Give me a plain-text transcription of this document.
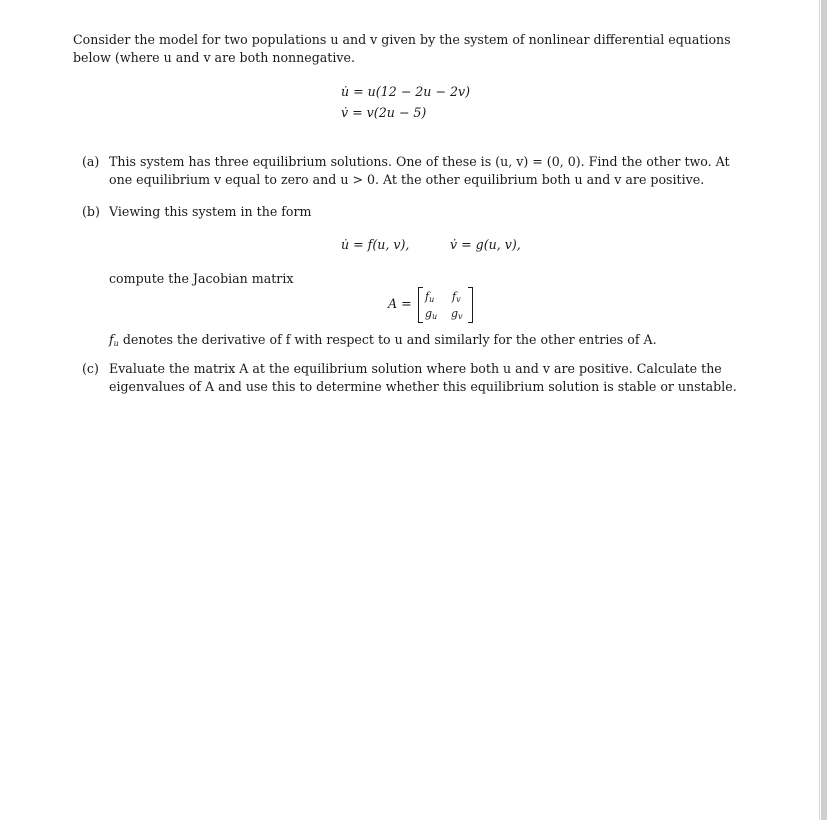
Consider the model for two populations u and v given by the system of nonlinear differential equations
below (where u and v are both nonnegative.
u̇ = u(12 − 2u − 2v)
v̇ = v(2u − 5)
(a) This system has three equilibrium solutions. One of these is (u, v) = (0, 0). Find the other two. At
one equilibrium v equal to zero and u > 0. At the other equilibrium both u and v are positive.
(b) Viewing this system in the form
u̇ = f(u, v),	v̇ = g(u, v),
compute the Jacobian matrix
$A = f_u$ $f_v$
$g_u$ $g_v$
$f_u$ denotes the derivative of f with respect to u and similarly for the other entries of A.
(c) Evaluate the matrix A at the equilibrium solution where both u and v are positive. Calculate the
eigenvalues of A and use this to determine whether this equilibrium solution is stable or unstable.
